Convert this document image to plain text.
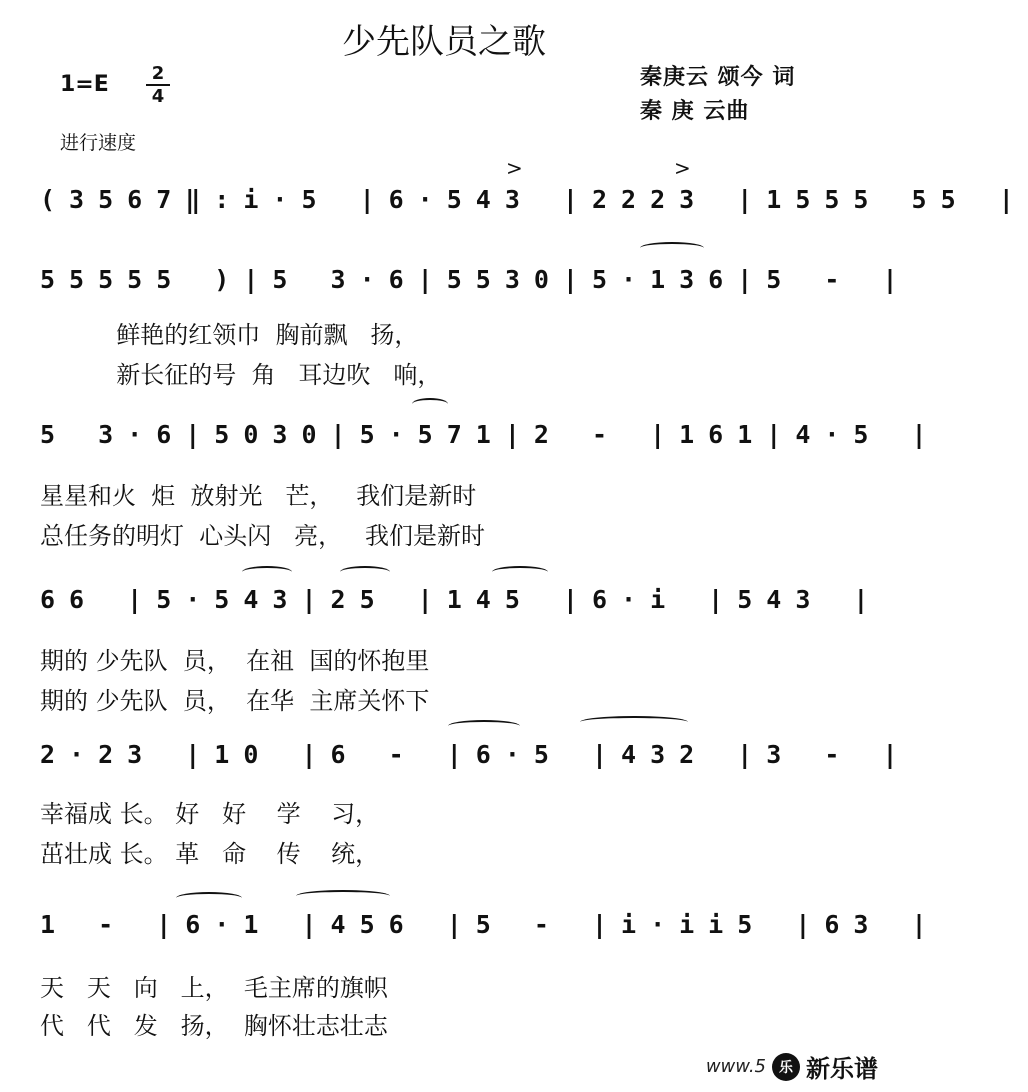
少先队员之歌
1=E	2
4
秦庚云 颂今 词
秦 庚 云曲
进行速度
(3567‖:i·5 |6·543 |2223 |1555 55 |
55555 )|5 3·6|5530|5·136|5 - |
鲜艳的红领巾  胸前飘   扬，
新长征的号  角   耳边吹   响，
5 3·6|5030|5·571|2 - |161|4·5 |
星星和火  炬  放射光   芒，   我们是新时
总任务的明灯  心头闪   亮，   我们是新时
66 |5·543|25 |145 |6·i |543 |
期的 少先队  员，  在祖  国的怀抱里
期的 少先队  员，  在华  主席关怀下
2·23 |10 |6 - |6·5 |432 |3 - |
幸福成 长。 好   好    学    习，
茁壮成 长。 革   命    传    统，
1 - |6·1 |456 |5 - |i·ii5 |63 |
天   天   向   上，  毛主席的旗帜
代   代   发   扬，  胸怀壮志壮志
>	>
www.5 乐 新乐谱
